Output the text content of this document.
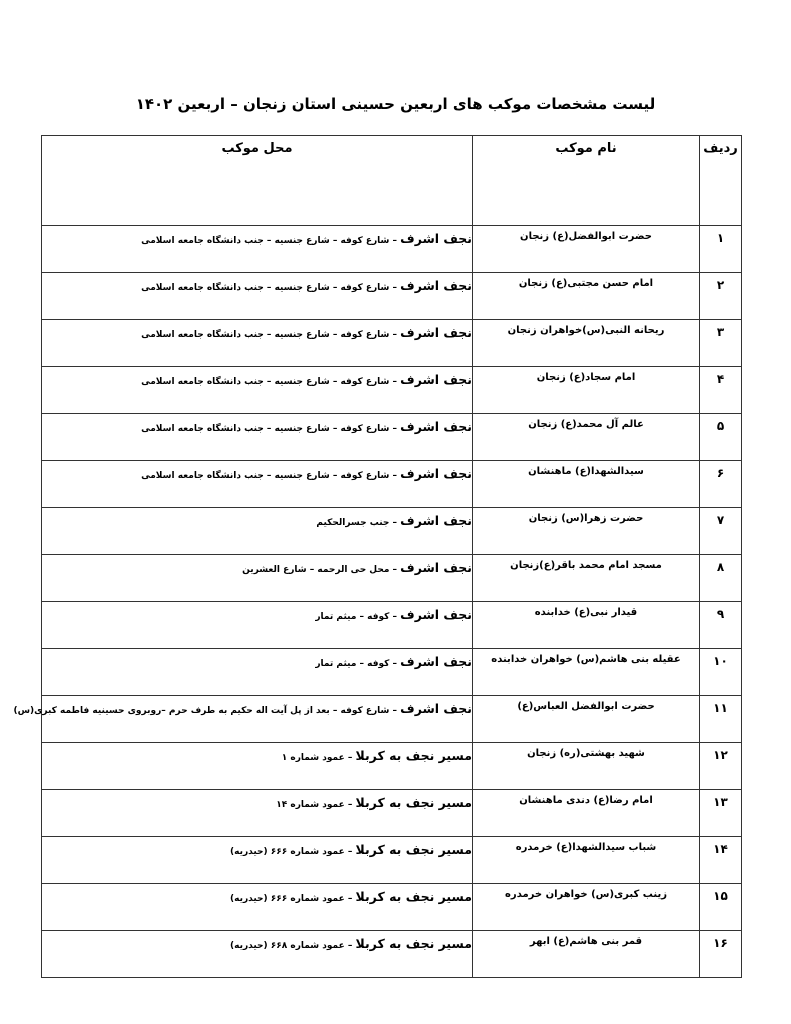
لیست مشخصات موکب های اربعین حسینی استان زنجان – اربعین ۱۴۰۲
ردیف	نام موکب	محل موکب
۱	حضرت ابوالفضل(ع) زنجان	نجف اشرف – شارع کوفه – شارع جنسیه – جنب دانشگاه جامعه اسلامی
۲	امام حسن مجتبی(ع) زنجان	نجف اشرف – شارع کوفه – شارع جنسیه – جنب دانشگاه جامعه اسلامی
۳	ریحانه النبی(س)خواهران زنجان	نجف اشرف – شارع کوفه – شارع جنسیه – جنب دانشگاه جامعه اسلامی
۴	امام سجاد(ع) زنجان	نجف اشرف – شارع کوفه – شارع جنسیه – جنب دانشگاه جامعه اسلامی
۵	عالم آل محمد(ع) زنجان	نجف اشرف – شارع کوفه – شارع جنسیه – جنب دانشگاه جامعه اسلامی
۶	سیدالشهدا(ع) ماهنشان	نجف اشرف – شارع کوفه – شارع جنسیه – جنب دانشگاه جامعه اسلامی
۷	حضرت زهرا(س) زنجان	نجف اشرف – جنب جسرالحکیم
۸	مسجد امام محمد باقر(ع)زنجان	نجف اشرف – محل حی الرحمه – شارع العشرین
۹	قیدار نبی(ع) خدابنده	نجف اشرف – کوفه – میثم تمار
۱۰	عقیله بنی هاشم(س) خواهران خدابنده	نجف اشرف – کوفه – میثم تمار
۱۱	حضرت ابوالفضل العباس(ع)	نجف اشرف – شارع کوفه – بعد از پل آیت اله حکیم به طرف حرم –روبروی حسینیه فاطمه کبری(س)
۱۲	شهید بهشتی(ره) زنجان	مسیر نجف به کربلا – عمود شماره ۱
۱۳	امام رضا(ع) دندی ماهنشان	مسیر نجف به کربلا – عمود شماره ۱۴
۱۴	شباب سیدالشهدا(ع) خرمدره	مسیر نجف به کربلا – عمود شماره ۶۶۶ (حیدریه)
۱۵	زینب کبری(س) خواهران خرمدره	مسیر نجف به کربلا – عمود شماره ۶۶۶ (حیدریه)
۱۶	قمر بنی هاشم(ع) ابهر	مسیر نجف به کربلا – عمود شماره ۶۶۸ (حیدریه)
